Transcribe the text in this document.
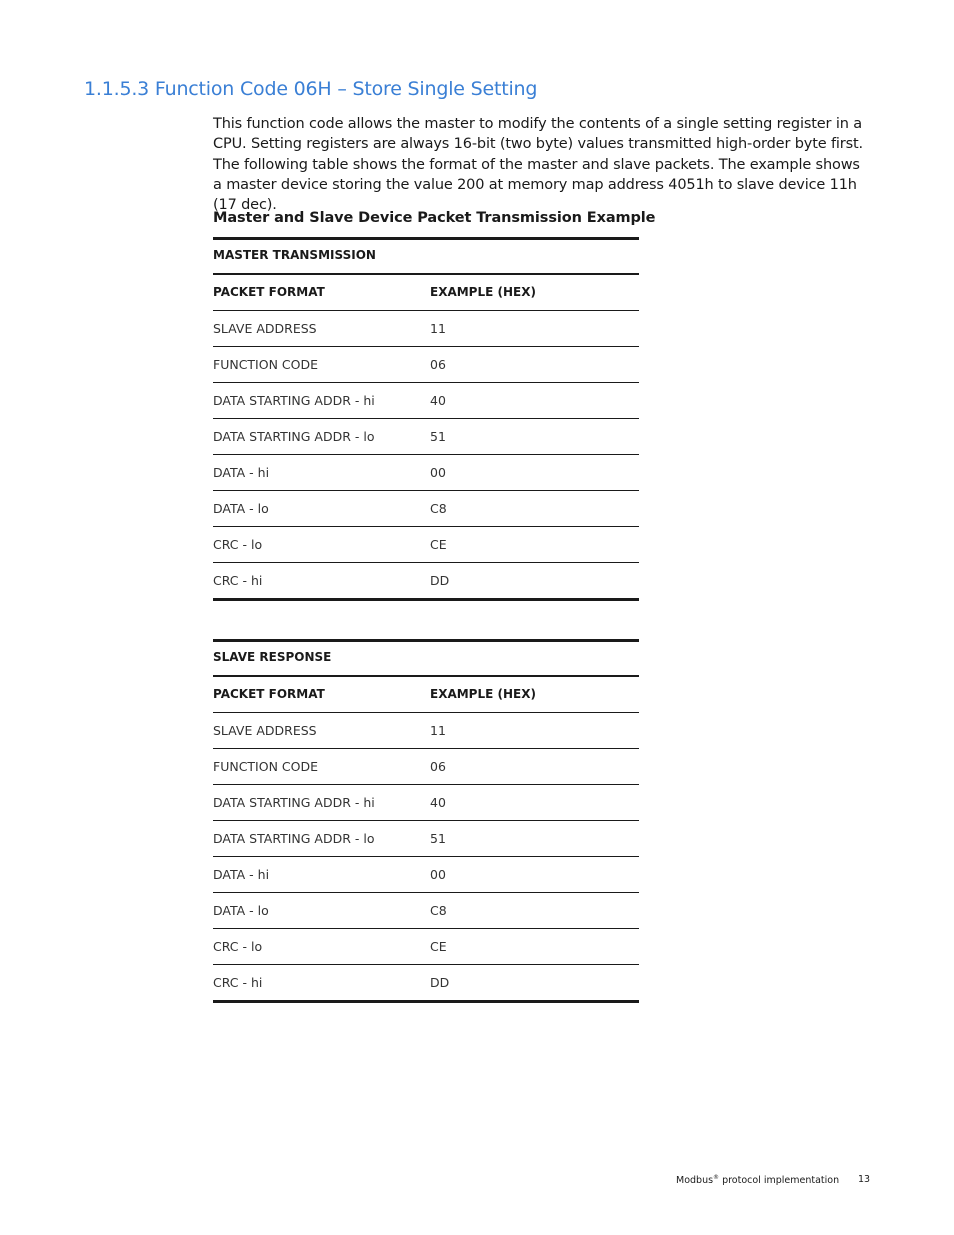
1.1.5.3 Function Code 06H – Store Single Setting
This function code allows the master to modify the contents of a single setting register in a CPU. Setting registers are always 16-bit (two byte) values transmitted high-order byte first. The following table shows the format of the master and slave packets. The example shows a master device storing the value 200 at memory map address 4051h to slave device 11h (17 dec).
Master and Slave Device Packet Transmission Example
MASTER TRANSMISSION
PACKET FORMAT	EXAMPLE (HEX)
SLAVE ADDRESS	11
FUNCTION CODE	06
DATA STARTING ADDR - hi	40
DATA STARTING ADDR - lo	51
DATA - hi	00
DATA - lo	C8
CRC - lo	CE
CRC - hi	DD
SLAVE RESPONSE
PACKET FORMAT	EXAMPLE (HEX)
SLAVE ADDRESS	11
FUNCTION CODE	06
DATA STARTING ADDR - hi	40
DATA STARTING ADDR - lo	51
DATA - hi	00
DATA - lo	C8
CRC - lo	CE
CRC - hi	DD
Modbus® protocol implementation 13
